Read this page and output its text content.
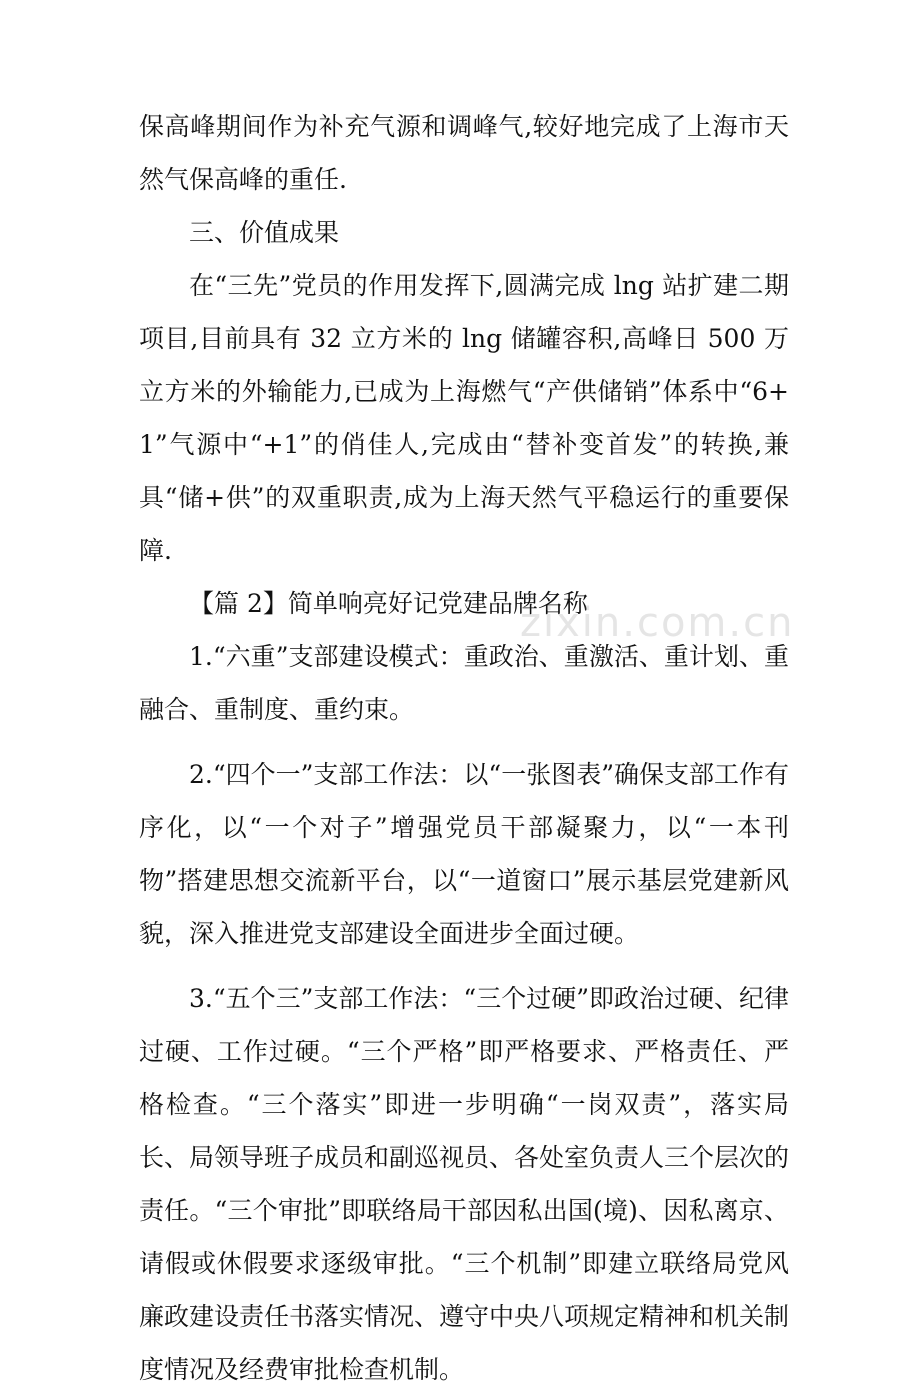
保高峰期间作为补充气源和调峰气,较好地完成了上海市天然气保高峰的重任.

三、价值成果

在“三先”党员的作用发挥下,圆满完成 lng 站扩建二期项目,目前具有 32 立方米的 lng 储罐容积,高峰日 500 万立方米的外输能力,已成为上海燃气“产供储销”体系中“6+1”气源中“+1”的俏佳人,完成由“替补变首发”的转换,兼具“储+供”的双重职责,成为上海天然气平稳运行的重要保障.

【篇 2】简单响亮好记党建品牌名称

1.“六重”支部建设模式：重政治、重激活、重计划、重融合、重制度、重约束。

2.“四个一”支部工作法：以“一张图表”确保支部工作有序化，以“一个对子”增强党员干部凝聚力，以“一本刊物”搭建思想交流新平台，以“一道窗口”展示基层党建新风貌，深入推进党支部建设全面进步全面过硬。

3.“五个三”支部工作法：“三个过硬”即政治过硬、纪律过硬、工作过硬。“三个严格”即严格要求、严格责任、严格检查。“三个落实”即进一步明确“一岗双责”，落实局长、局领导班子成员和副巡视员、各处室负责人三个层次的责任。“三个审批”即联络局干部因私出国(境)、因私离京、请假或休假要求逐级审批。“三个机制”即建立联络局党风廉政建设责任书落实情况、遵守中央八项规定精神和机关制度情况及经费审批检查机制。

zixin.com.cn
